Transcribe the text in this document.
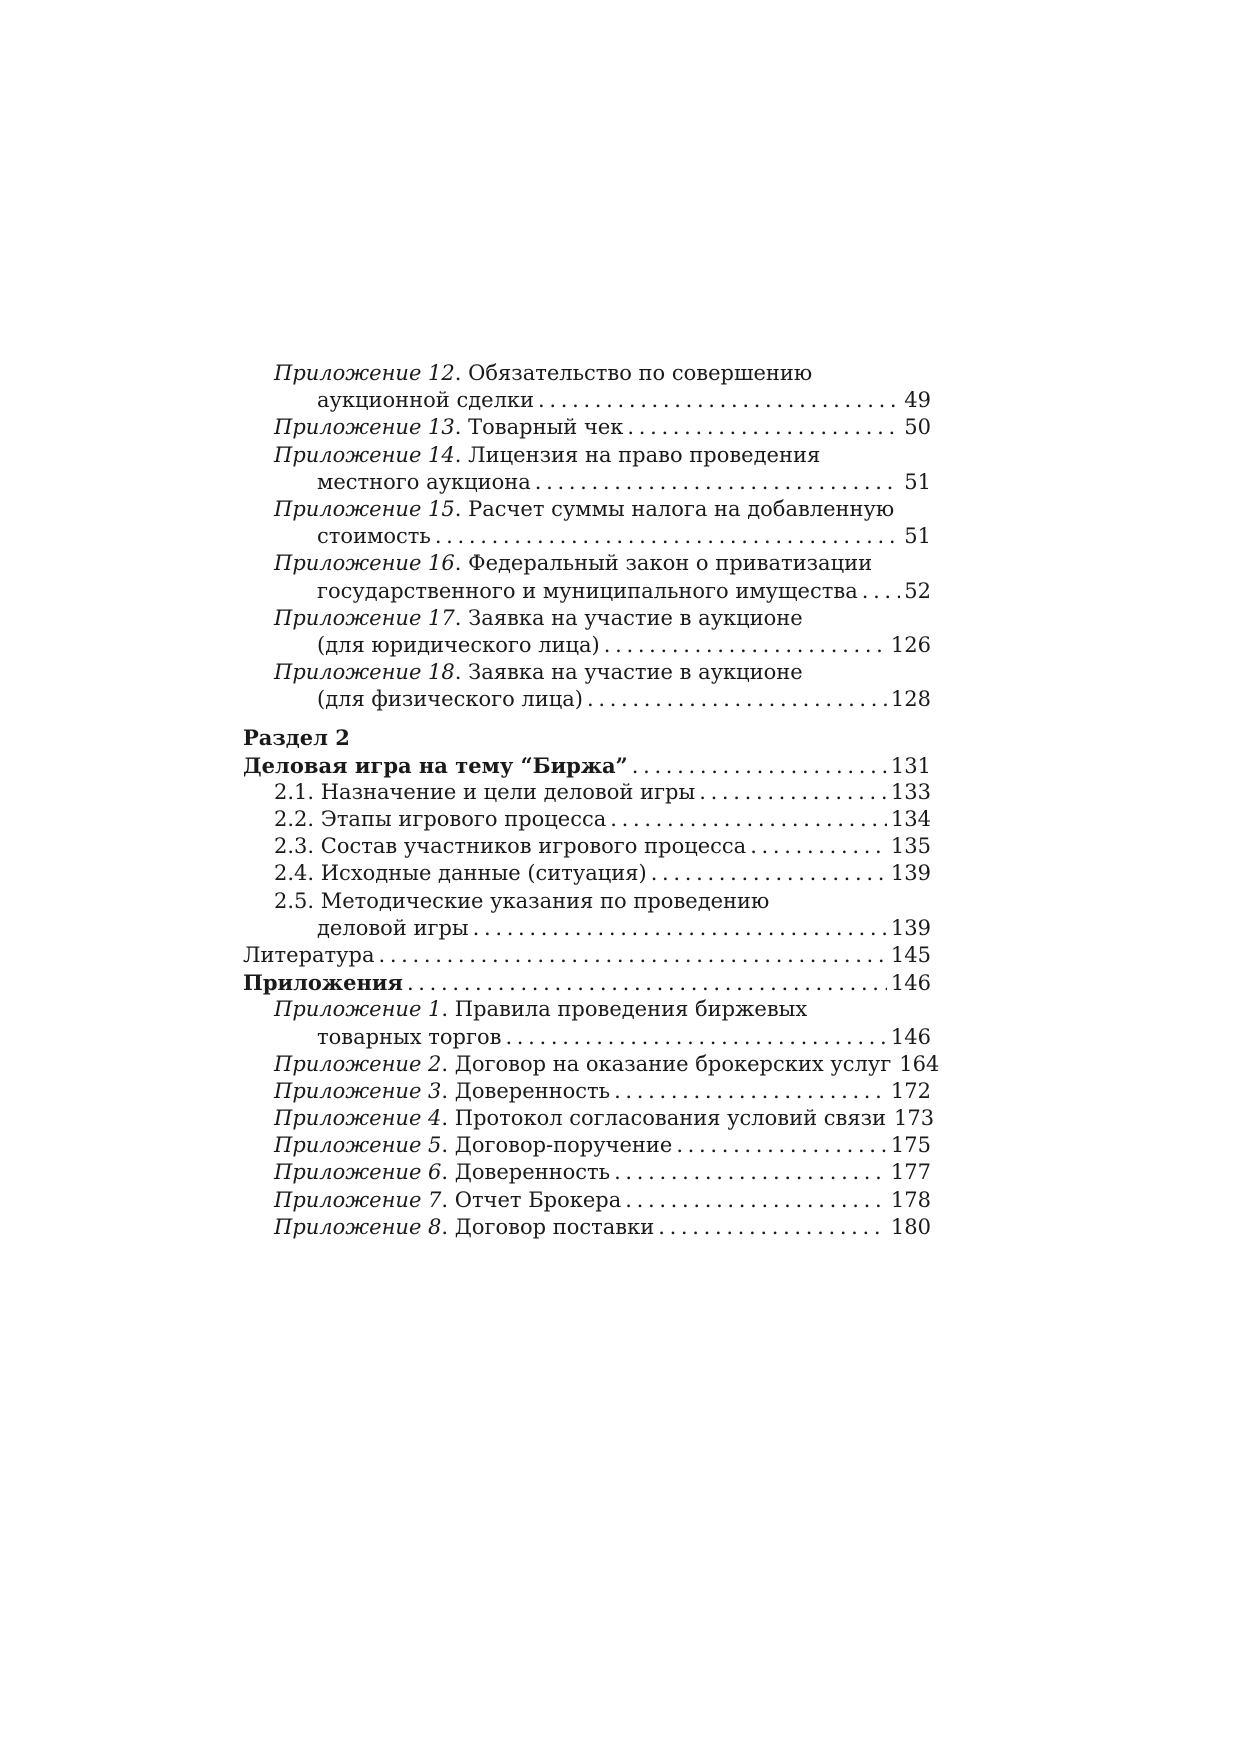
Приложение 12 . Обязательство по совершению
аукционной сделки . . .	49
Приложение 13 . Товарный чек . . .	50
Приложение 14 . Лицензия на право проведения
местного аукциона . . .	51
Приложение 15 . Расчет суммы налога на добавленную
стоимость . . .	51
Приложение 16 . Федеральный закон о приватизации
государственного и муниципального имущества . . . 52
Приложение 17 . Заявка на участие в аукционе
(для юридического лица) . . .	126
Приложение 18 . Заявка на участие в аукционе
(для физического лица) . . .	128
Раздел 2
Деловая игра на тему “Биржа” . . .	131
2.1. Назначение и цели деловой игры . . .	133
2.2. Этапы игрового процесса . . .	134
2.3. Состав участников игрового процесса . . .	135
2.4. Исходные данные (ситуация) . . .	139
2.5. Методические указания по проведению
деловой игры . . .	139
Литература . . .	145
Приложения . . .	146
Приложение 1 . Правила проведения биржевых
товарных торгов . . .	146
Приложение 2 . Договор на оказание брокерских услуг 164
Приложение 3 . Доверенность . . .	172
Приложение 4 . Протокол согласования условий связи 173
Приложение 5 . Договор-поручение . . .	175
Приложение 6 . Доверенность . . .	177
Приложение 7 . Отчет Брокера . . .	178
Приложение 8 . Договор поставки . . .	180
